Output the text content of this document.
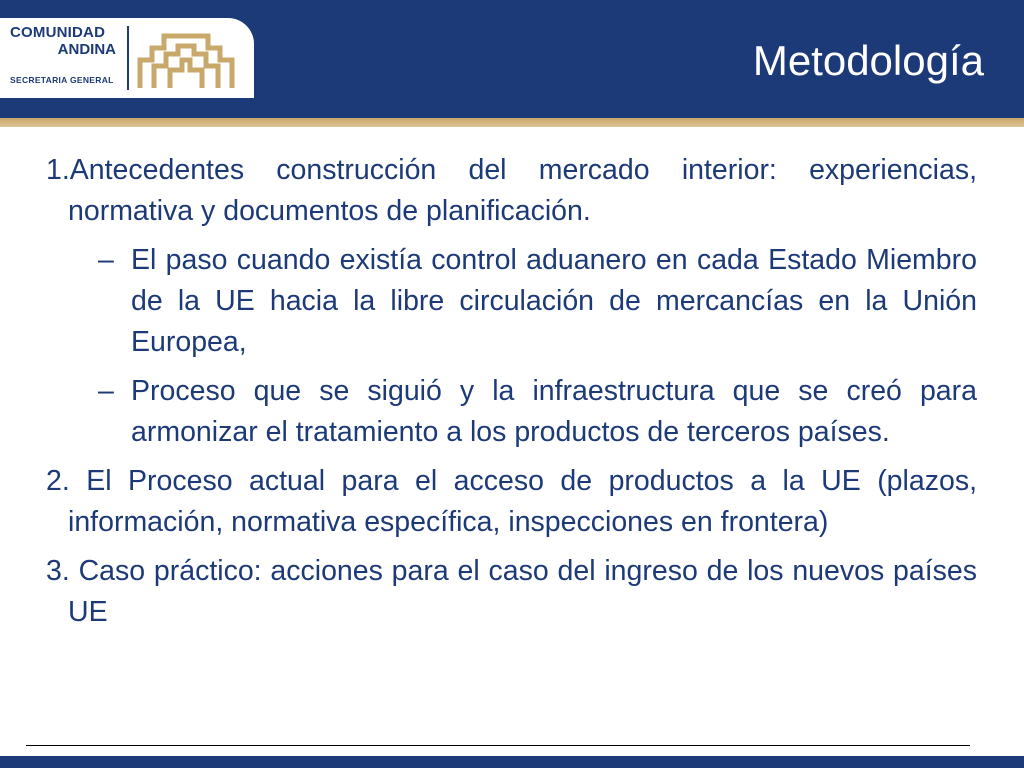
COMUNIDAD
ANDINA
SECRETARIA GENERAL	Metodología

1.Antecedentes construcción del mercado interior: experiencias, normativa y documentos de planificación.

– El paso cuando existía control aduanero en cada Estado Miembro de la UE hacia la libre circulación de mercancías en la Unión Europea,

– Proceso que se siguió y la infraestructura que se creó para armonizar el tratamiento a los productos de terceros países.

2. El Proceso actual para el acceso de productos a la UE (plazos, información, normativa específica, inspecciones en frontera)

3. Caso práctico: acciones para el caso del ingreso de los nuevos países UE
